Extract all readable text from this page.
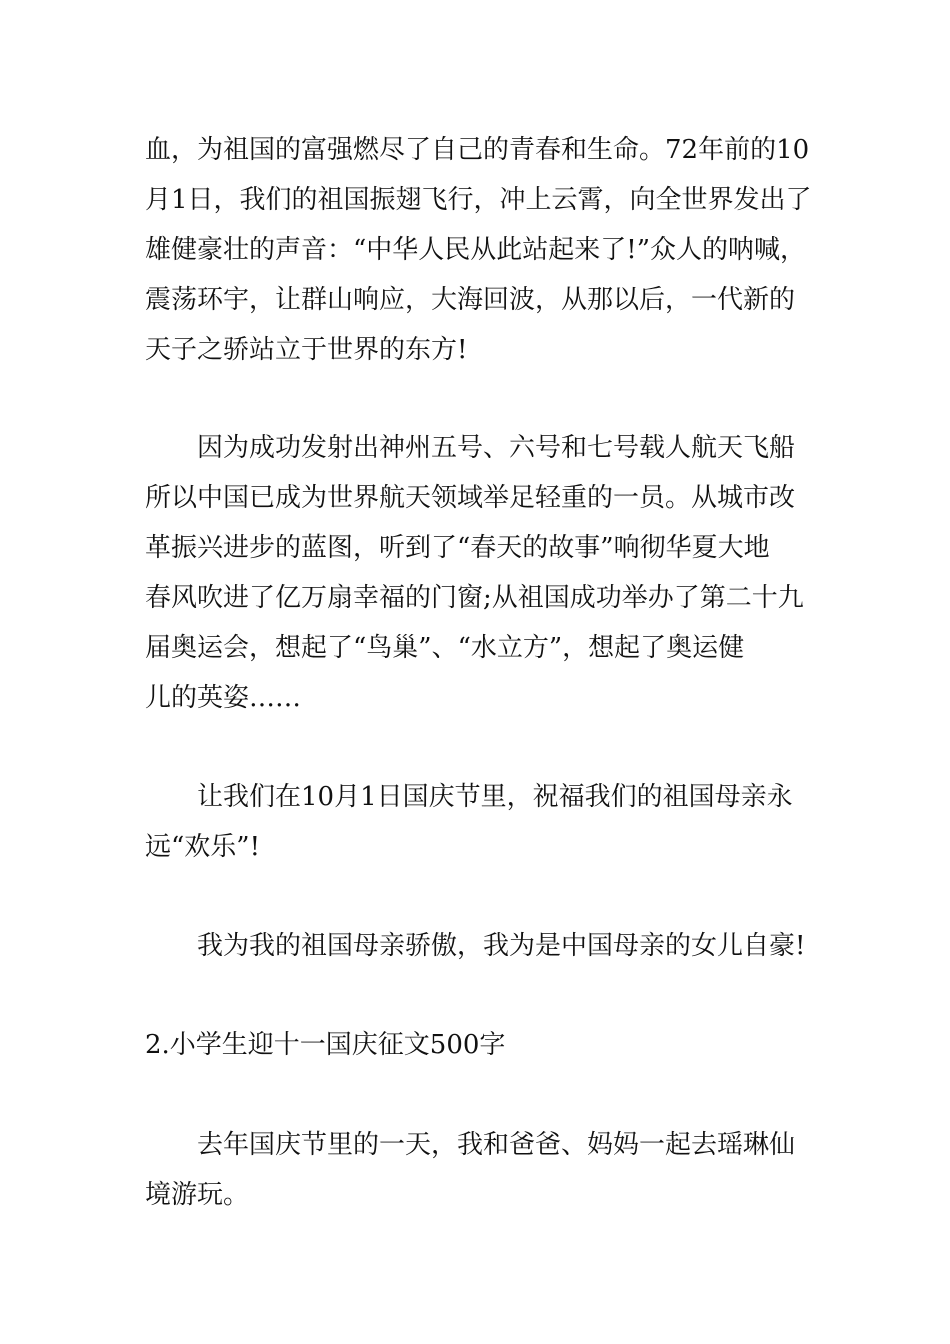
血，为祖国的富强燃尽了自己的青春和生命。72年前的10
月1日，我们的祖国振翅飞行，冲上云霄，向全世界发出了
雄健豪壮的声音：“中华人民从此站起来了!”众人的呐喊，
震荡环宇，让群山响应，大海回波，从那以后，一代新的
天子之骄站立于世界的东方!
因为成功发射出神州五号、六号和七号载人航天飞船
所以中国已成为世界航天领域举足轻重的一员。从城市改
革振兴进步的蓝图，听到了“春天的故事”响彻华夏大地
春风吹进了亿万扇幸福的门窗;从祖国成功举办了第二十九
届奥运会，想起了“鸟巢”、“水立方”，想起了奥运健
儿的英姿……
让我们在10月1日国庆节里，祝福我们的祖国母亲永
远“欢乐”!
我为我的祖国母亲骄傲，我为是中国母亲的女儿自豪!
2.小学生迎十一国庆征文500字
去年国庆节里的一天，我和爸爸、妈妈一起去瑶琳仙
境游玩。
